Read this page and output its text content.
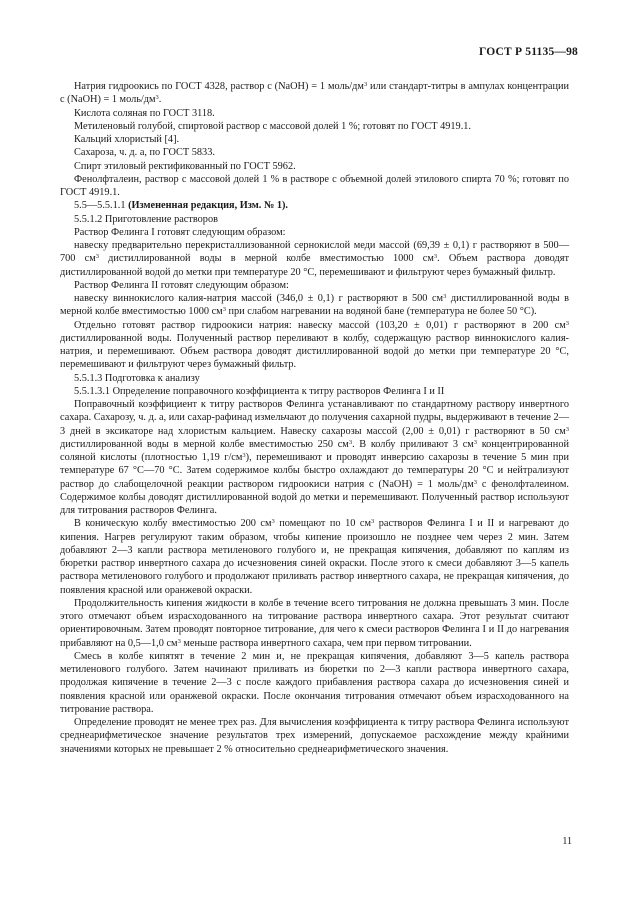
ГОСТ Р 51135—98

Натрия гидроокись по ГОСТ 4328, раствор c (NaOH) = 1 моль/$дм^3$ или стандарт-титры в ампулах концентрации c (NaOH) = 1 моль/$дм^3$.

Кислота соляная по ГОСТ 3118.

Метиленовый голубой, спиртовой раствор с массовой долей 1 %; готовят по ГОСТ 4919.1.

Кальций хлористый [4].

Сахароза, ч. д. а, по ГОСТ 5833.

Спирт этиловый ректификованный по ГОСТ 5962.

Фенолфталеин, раствор с массовой долей 1 % в растворе с объемной долей этилового спирта 70 %; готовят по ГОСТ 4919.1.

5.5—5.5.1.1 (Измененная редакция, Изм. № 1).

5.5.1.2 Приготовление растворов

Раствор Фелинга I готовят следующим образом:

навеску предварительно перекристаллизованной сернокислой меди массой (69,39 ± 0,1) г растворяют в 500—700 $см^3$ дистиллированной воды в мерной колбе вместимостью 1000 $см^3$. Объем раствора доводят дистиллированной водой до метки при температуре 20 °С, перемешивают и фильтруют через бумажный фильтр.

Раствор Фелинга II готовят следующим образом:

навеску виннокислого калия-натрия массой (346,0 ± 0,1) г растворяют в 500 $см^3$ дистиллированной воды в мерной колбе вместимостью 1000 $см^3$ при слабом нагревании на водяной бане (температура не более 50 °С).

Отдельно готовят раствор гидроокиси натрия: навеску массой (103,20 ± 0,01) г растворяют в 200 $см^3$ дистиллированной воды. Полученный раствор переливают в колбу, содержащую раствор виннокислого калия-натрия, и перемешивают. Объем раствора доводят дистиллированной водой до метки при температуре 20 °С, перемешивают и фильтруют через бумажный фильтр.

5.5.1.3 Подготовка к анализу

5.5.1.3.1 Определение поправочного коэффициента к титру растворов Фелинга I и II

Поправочный коэффициент к титру растворов Фелинга устанавливают по стандартному раствору инвертного сахара. Сахарозу, ч. д. а, или сахар-рафинад измельчают до получения сахарной пудры, выдерживают в течение 2—3 дней в эксикаторе над хлористым кальцием. Навеску сахарозы массой (2,00 ± 0,01) г растворяют в 50 $см^3$ дистиллированной воды в мерной колбе вместимостью 250 $см^3$. В колбу приливают 3 $см^3$ концентрированной соляной кислоты (плотностью 1,19 $г/см^3$), перемешивают и проводят инверсию сахарозы в течение 5 мин при температуре 67 °С—70 °С. Затем содержимое колбы быстро охлаждают до температуры 20 °С и нейтрализуют раствор до слабощелочной реакции раствором гидроокиси натрия c (NaOH) = 1 моль/$дм^3$ с фенолфталеином. Содержимое колбы доводят дистиллированной водой до метки и перемешивают. Полученный раствор используют для титрования растворов Фелинга.

В коническую колбу вместимостью 200 $см^3$ помещают по 10 $см^3$ растворов Фелинга I и II и нагревают до кипения. Нагрев регулируют таким образом, чтобы кипение произошло не позднее чем через 2 мин. Затем добавляют 2—3 капли раствора метиленового голубого и, не прекращая кипячения, добавляют по каплям из бюретки раствор инвертного сахара до исчезновения синей окраски. После этого к смеси добавляют 3—5 капель раствора метиленового голубого и продолжают приливать раствор инвертного сахара, не прекращая кипячения, до появления красной или оранжевой окраски.

Продолжительность кипения жидкости в колбе в течение всего титрования не должна превышать 3 мин. После этого отмечают объем израсходованного на титрование раствора инвертного сахара. Этот результат считают ориентировочным. Затем проводят повторное титрование, для чего к смеси растворов Фелинга I и II до нагревания прибавляют на 0,5—1,0 $см^3$ меньше раствора инвертного сахара, чем при первом титровании.

Смесь в колбе кипятят в течение 2 мин и, не прекращая кипячения, добавляют 3—5 капель раствора метиленового голубого. Затем начинают приливать из бюретки по 2—3 капли раствора инвертного сахара, продолжая кипячение в течение 2—3 с после каждого прибавления раствора сахара до исчезновения синей и появления красной или оранжевой окраски. После окончания титрования отмечают объем израсходованного на титрование раствора.

Определение проводят не менее трех раз. Для вычисления коэффициента к титру раствора Фелинга используют среднеарифметическое значение результатов трех измерений, допускаемое расхождение между крайними значениями которых не превышает 2 % относительно среднеарифметического значения.

11
